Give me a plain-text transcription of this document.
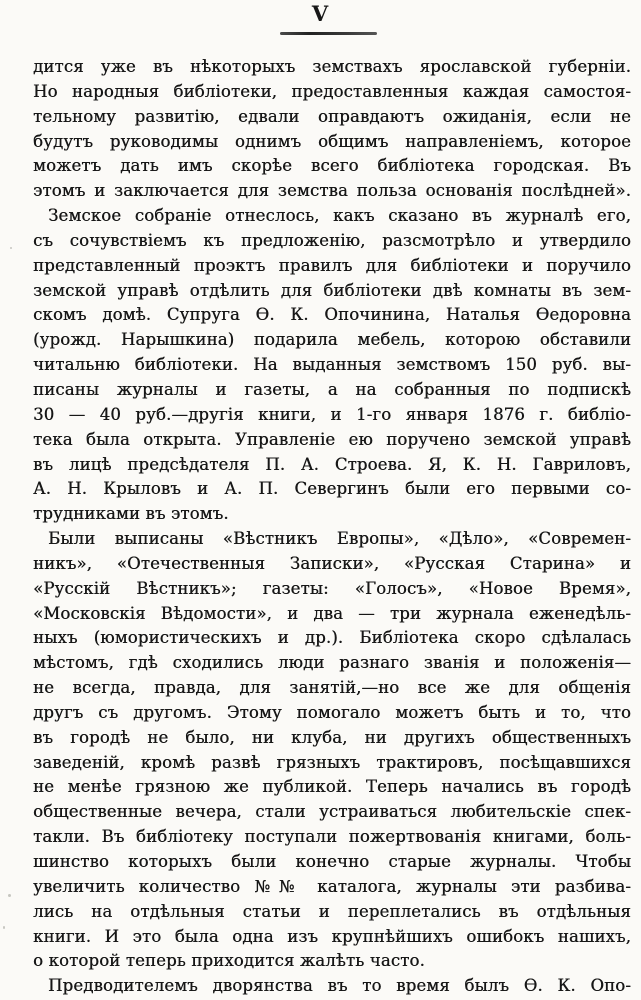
V
дится уже въ нѣкоторыхъ земствахъ ярославской губерніи.
Но народныя библіотеки, предоставленныя каждая самостоя-
тельному развитію, едвали оправдаютъ ожиданія, если не
будутъ руководимы однимъ общимъ направленіемъ, которое
можетъ дать имъ скорѣе всего библіотека городская. Въ
этомъ и заключается для земства польза основанія послѣдней».
Земское собраніе отнеслось, какъ сказано въ журналѣ его,
съ сочувствіемъ къ предложенію, разсмотрѣло и утвердило
представленный проэктъ правилъ для библіотеки и поручило
земской управѣ отдѣлить для библіотеки двѣ комнаты въ зем-
скомъ домѣ. Супруга Ѳ. К. Опочинина, Наталья Ѳедоровна
(урожд. Нарышкина) подарила мебель, которою обставили
читальню библіотеки. На выданныя земствомъ 150 руб. вы-
писаны журналы и газеты, а на собранныя по подпискѣ
30 — 40 руб.—другія книги, и 1-го января 1876 г. библіо-
тека была открыта. Управленіе ею поручено земской управѣ
въ лицѣ предсѣдателя П. А. Строева. Я, К. Н. Гавриловъ,
А. Н. Крыловъ и А. П. Севергинъ были его первыми со-
трудниками въ этомъ.
Были выписаны «Вѣстникъ Европы», «Дѣло», «Современ-
никъ», «Отечественныя Записки», «Русская Старина» и
«Русскій Вѣстникъ»; газеты: «Голосъ», «Новое Время»,
«Московскія Вѣдомости», и два — три журнала еженедѣль-
ныхъ (юмористическихъ и др.). Библіотека скоро сдѣлалась
мѣстомъ, гдѣ сходились люди разнаго званія и положенія—
не всегда, правда, для занятій,—но все же для общенія
другъ съ другомъ. Этому помогало можетъ быть и то, что
въ городѣ не было, ни клуба, ни другихъ общественныхъ
заведеній, кромѣ развѣ грязныхъ трактировъ, посѣщавшихся
не менѣе грязною же публикой. Теперь начались въ городѣ
общественные вечера, стали устраиваться любительскіе спек-
такли. Въ библіотеку поступали пожертвованія книгами, боль-
шинство которыхъ были конечно старые журналы. Чтобы
увеличить количество №№ каталога, журналы эти разбива-
лись на отдѣльныя статьи и переплетались въ отдѣльныя
книги. И это была одна изъ крупнѣйшихъ ошибокъ нашихъ,
о которой теперь приходится жалѣть часто.
Предводителемъ дворянства въ то время былъ Ѳ. К. Опо-
